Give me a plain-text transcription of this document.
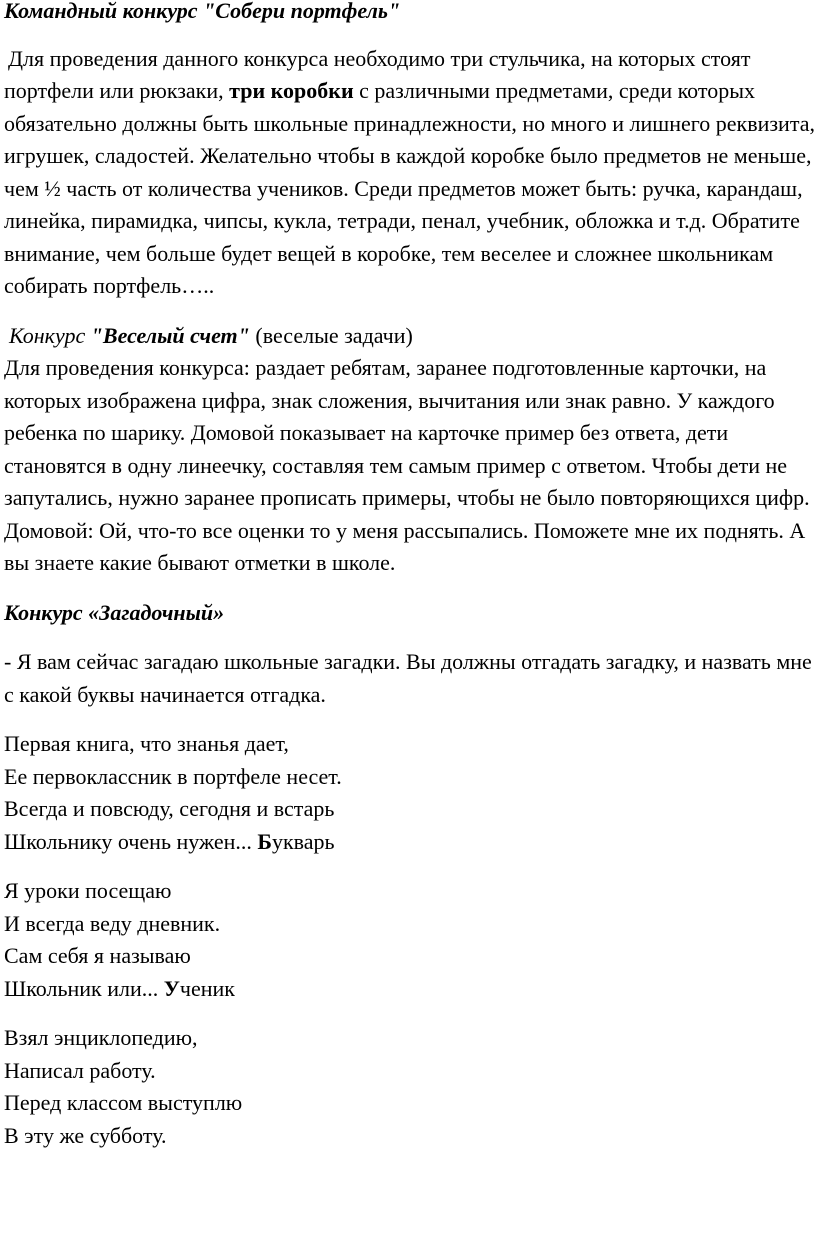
Командный конкурс "Собери портфель"

Для проведения данного конкурса необходимо три стульчика, на которых стоят портфели или рюкзаки, три коробки с различными предметами, среди которых обязательно должны быть школьные принадлежности, но много и лишнего реквизита, игрушек, сладостей. Желательно чтобы в каждой коробке было предметов не меньше, чем ½ часть от количества учеников. Среди предметов может быть: ручка, карандаш, линейка, пирамидка, чипсы, кукла, тетради, пенал, учебник, обложка и т.д. Обратите внимание, чем больше будет вещей в коробке, тем веселее и сложнее школьникам собирать портфель…..

Конкурс "Веселый счет" (веселые задачи)

Для проведения конкурса: раздает ребятам, заранее подготовленные карточки, на которых изображена цифра, знак сложения, вычитания или знак равно. У каждого ребенка по шарику. Домовой показывает на карточке пример без ответа, дети становятся в одну линеечку, составляя тем самым пример с ответом. Чтобы дети не запутались, нужно заранее прописать примеры, чтобы не было повторяющихся цифр.

Домовой: Ой, что-то все оценки то у меня рассыпались. Поможете мне их поднять. А вы знаете какие бывают отметки в школе.

Конкурс «Загадочный»

- Я вам сейчас загадаю школьные загадки. Вы должны отгадать загадку, и назвать мне с какой буквы начинается отгадка.

Первая книга, что знанья дает,

Ее первоклассник в портфеле несет.

Всегда и повсюду, сегодня и встарь

Школьнику очень нужен... Букварь

Я уроки посещаю

И всегда веду дневник.

Сам себя я называю

Школьник или... Ученик

Взял энциклопедию,

Написал работу.

Перед классом выступлю

В эту же субботу.
